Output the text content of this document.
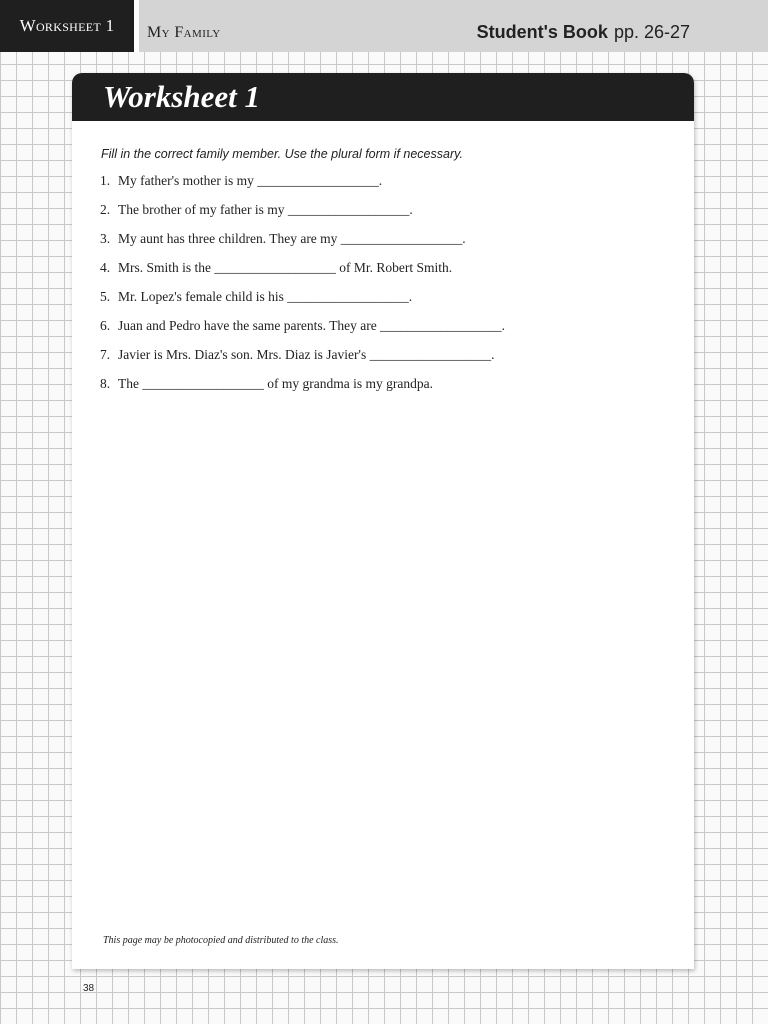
Worksheet 1	My Family	Student's Book pp. 26-27
Worksheet 1
Fill in the correct family member. Use the plural form if necessary.
1. My father's mother is my __________________.
2. The brother of my father is my __________________.
3. My aunt has three children. They are my __________________.
4. Mrs. Smith is the __________________ of Mr. Robert Smith.
5. Mr. Lopez's female child is his __________________.
6. Juan and Pedro have the same parents. They are __________________.
7. Javier is Mrs. Diaz's son. Mrs. Diaz is Javier's __________________.
8. The __________________ of my grandma is my grandpa.
This page may be photocopied and distributed to the class.
38
